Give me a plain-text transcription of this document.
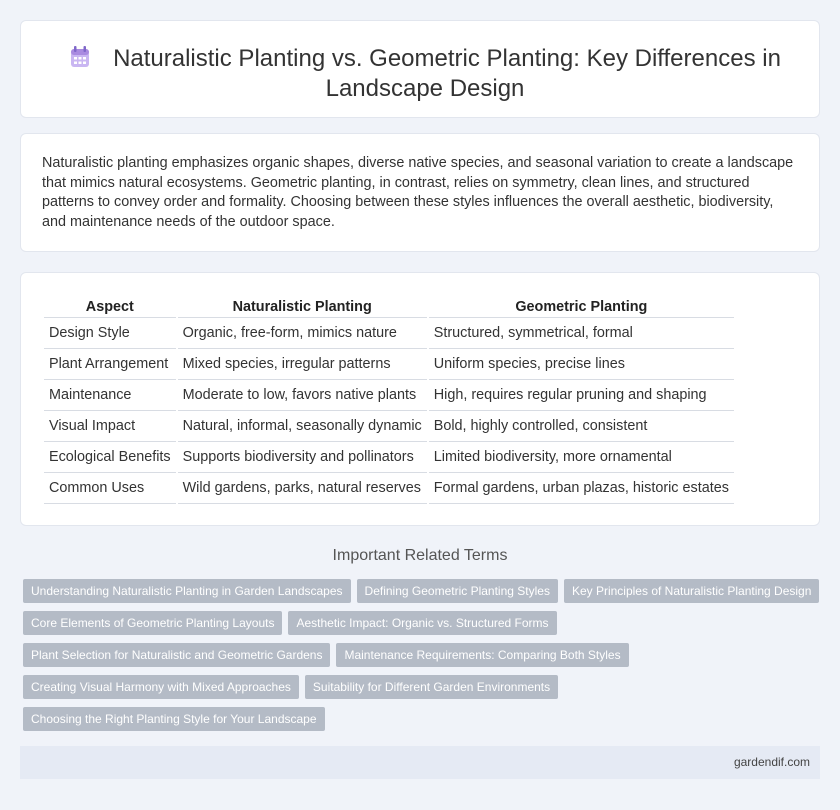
Naturalistic Planting vs. Geometric Planting: Key Differences in Landscape Design
Naturalistic planting emphasizes organic shapes, diverse native species, and seasonal variation to create a landscape that mimics natural ecosystems. Geometric planting, in contrast, relies on symmetry, clean lines, and structured patterns to convey order and formality. Choosing between these styles influences the overall aesthetic, biodiversity, and maintenance needs of the outdoor space.
Aspect	Naturalistic Planting	Geometric Planting
Design Style	Organic, free-form, mimics nature	Structured, symmetrical, formal
Plant Arrangement	Mixed species, irregular patterns	Uniform species, precise lines
Maintenance	Moderate to low, favors native plants	High, requires regular pruning and shaping
Visual Impact	Natural, informal, seasonally dynamic	Bold, highly controlled, consistent
Ecological Benefits	Supports biodiversity and pollinators	Limited biodiversity, more ornamental
Common Uses	Wild gardens, parks, natural reserves	Formal gardens, urban plazas, historic estates
Important Related Terms
Understanding Naturalistic Planting in Garden Landscapes Defining Geometric Planting Styles Key Principles of Naturalistic Planting Design
Core Elements of Geometric Planting Layouts Aesthetic Impact: Organic vs. Structured Forms
Plant Selection for Naturalistic and Geometric Gardens Maintenance Requirements: Comparing Both Styles
Creating Visual Harmony with Mixed Approaches Suitability for Different Garden Environments
Choosing the Right Planting Style for Your Landscape
gardendif.com
